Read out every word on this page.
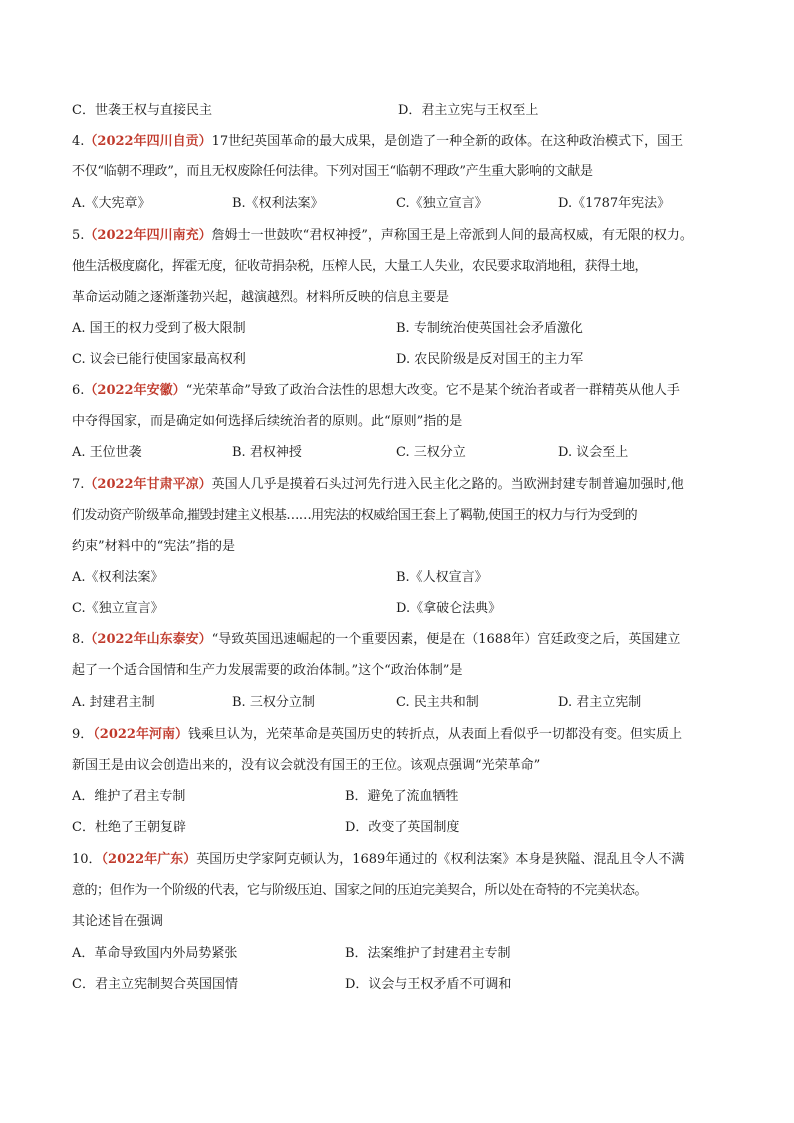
C．世袭王权与直接民主	D．君主立宪与王权至上
4.（2022年四川自贡）17世纪英国革命的最大成果，是创造了一种全新的政体。在这种政治模式下，国王
不仅“临朝不理政”，而且无权废除任何法律。下列对国王“临朝不理政”产生重大影响的文献是
A.《大宪章》	B.《权利法案》	C.《独立宣言》	D.《1787年宪法》
5.（2022年四川南充）詹姆士一世鼓吹“君权神授”，声称国王是上帝派到人间的最高权威，有无限的权力。
他生活极度腐化，挥霍无度，征收苛捐杂税，压榨人民，大量工人失业，农民要求取消地租，获得土地，
革命运动随之逐渐蓬勃兴起，越演越烈。材料所反映的信息主要是
A. 国王的权力受到了极大限制	B. 专制统治使英国社会矛盾激化
C. 议会已能行使国家最高权利	D. 农民阶级是反对国王的主力军
6.（2022年安徽）“光荣革命”导致了政治合法性的思想大改变。它不是某个统治者或者一群精英从他人手
中夺得国家，而是确定如何选择后续统治者的原则。此“原则”指的是
A. 王位世袭	B. 君权神授	C. 三权分立	D. 议会至上
7.（2022年甘肃平凉）英国人几乎是摸着石头过河先行进入民主化之路的。当欧洲封建专制普遍加强时,他
们发动资产阶级革命,摧毁封建主义根基……用宪法的权威给国王套上了羁勒,使国王的权力与行为受到的
约束”材料中的“宪法”指的是
A.《权利法案》	B.《人权宣言》
C.《独立宣言》	D.《拿破仑法典》
8.（2022年山东泰安）“导致英国迅速崛起的一个重要因素，便是在（1688年）宫廷政变之后，英国建立
起了一个适合国情和生产力发展需要的政治体制。”这个“政治体制”是
A. 封建君主制	B. 三权分立制	C. 民主共和制	D. 君主立宪制
9．（2022年河南）钱乘旦认为，光荣革命是英国历史的转折点，从表面上看似乎一切都没有变。但实质上
新国王是由议会创造出来的，没有议会就没有国王的王位。该观点强调“光荣革命”
A．维护了君主专制	B．避免了流血牺牲
C．杜绝了王朝复辟	D．改变了英国制度
10．（2022年广东）英国历史学家阿克顿认为，1689年通过的《权利法案》本身是狭隘、混乱且令人不满
意的；但作为一个阶级的代表，它与阶级压迫、国家之间的压迫完美契合，所以处在奇特的不完美状态。
其论述旨在强调
A．革命导致国内外局势紧张	B．法案维护了封建君主专制
C．君主立宪制契合英国国情	D．议会与王权矛盾不可调和
